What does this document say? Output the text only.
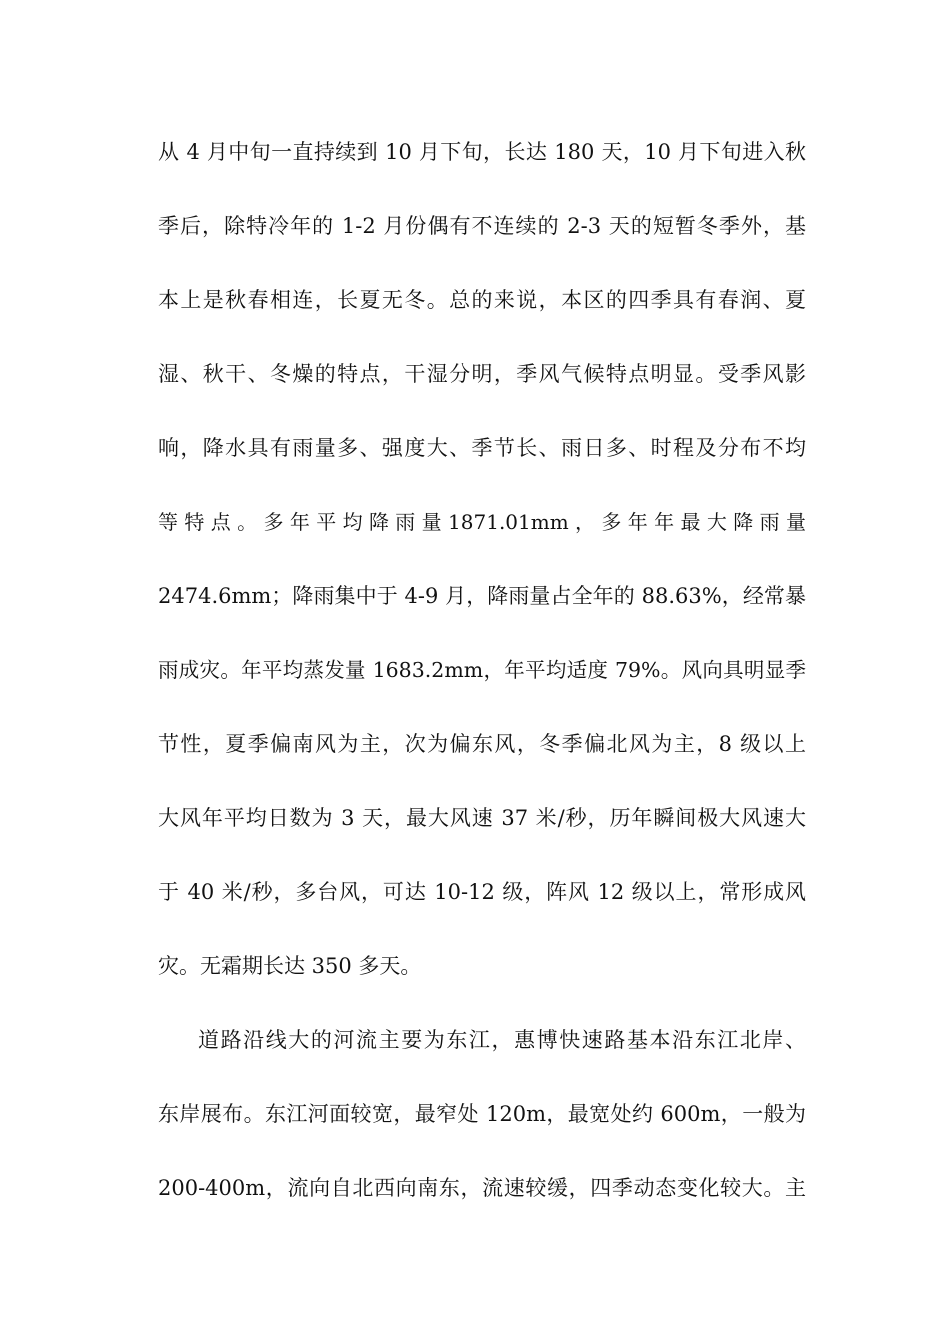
从 4 月中旬一直持续到 10 月下旬，长达 180 天，10 月下旬进入秋
季后，除特冷年的 1-2 月份偶有不连续的 2-3 天的短暂冬季外，基
本上是秋春相连，长夏无冬。总的来说，本区的四季具有春润、夏
湿、秋干、冬燥的特点，干湿分明，季风气候特点明显。受季风影
响，降水具有雨量多、强度大、季节长、雨日多、时程及分布不均
等 特 点 。 多 年 平 均 降 雨 量 1871.01mm ， 多 年 年 最 大 降 雨 量
2474.6mm；降雨集中于 4-9 月，降雨量占全年的 88.63%，经常暴
雨成灾。年平均蒸发量 1683.2mm，年平均适度 79%。风向具明显季
节性，夏季偏南风为主，次为偏东风，冬季偏北风为主，8 级以上
大风年平均日数为 3 天，最大风速 37 米/秒，历年瞬间极大风速大
于 40 米/秒，多台风，可达 10-12 级，阵风 12 级以上，常形成风
灾。无霜期长达 350 多天。
道路沿线大的河流主要为东江，惠博快速路基本沿东江北岸、
东岸展布。东江河面较宽，最窄处 120m，最宽处约 600m，一般为
200-400m，流向自北西向南东，流速较缓，四季动态变化较大。主
